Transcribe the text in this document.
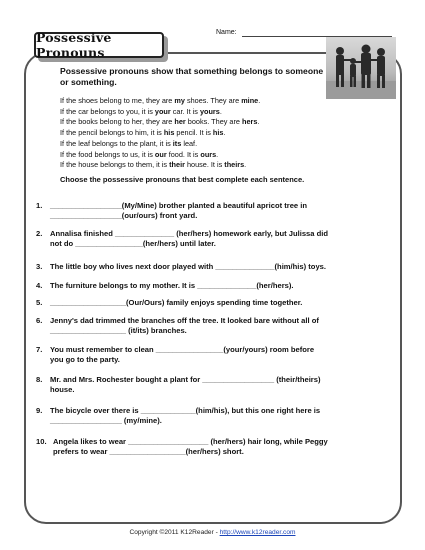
Possessive Pronouns
Name:
Possessive pronouns show that something belongs to someone or something.
If the shoes belong to me, they are my shoes. They are mine.
If the car belongs to you, it is your car. It is yours.
If the books belong to her, they are her books. They are hers.
If the pencil belongs to him, it is his pencil. It is his.
If the leaf belongs to the plant, it is its leaf.
If the food belongs to us, it is our food. It is ours.
If the house belongs to them, it is their house. It is theirs.
Choose the possessive pronouns that best complete each sentence.
1.	_________________(My/Mine) brother planted a beautiful apricot tree in
_________________(our/ours) front yard.
2.	Annalisa finished ______________ (her/hers) homework early, but Julissa did
not do ________________(her/hers) until later.
3.	The little boy who lives next door played with ______________(him/his) toys.
4.	The furniture belongs to my mother. It is ______________(her/hers).
5.	__________________(Our/Ours) family enjoys spending time together.
6.	Jenny's dad trimmed the branches off the tree. It looked bare without all of
__________________ (it/its) branches.
7.	You must remember to clean ________________(your/yours) room before
you go to the party.
8.	Mr. and Mrs. Rochester bought a plant for _________________ (their/theirs)
house.
9.	The bicycle over there is _____________(him/his), but this one right here is
_________________ (my/mine).
10. Angela likes to wear ___________________ (her/hers) hair long, while Peggy
prefers to wear __________________(her/hers) short.
Copyright ©2011 K12Reader - http://www.k12reader.com
